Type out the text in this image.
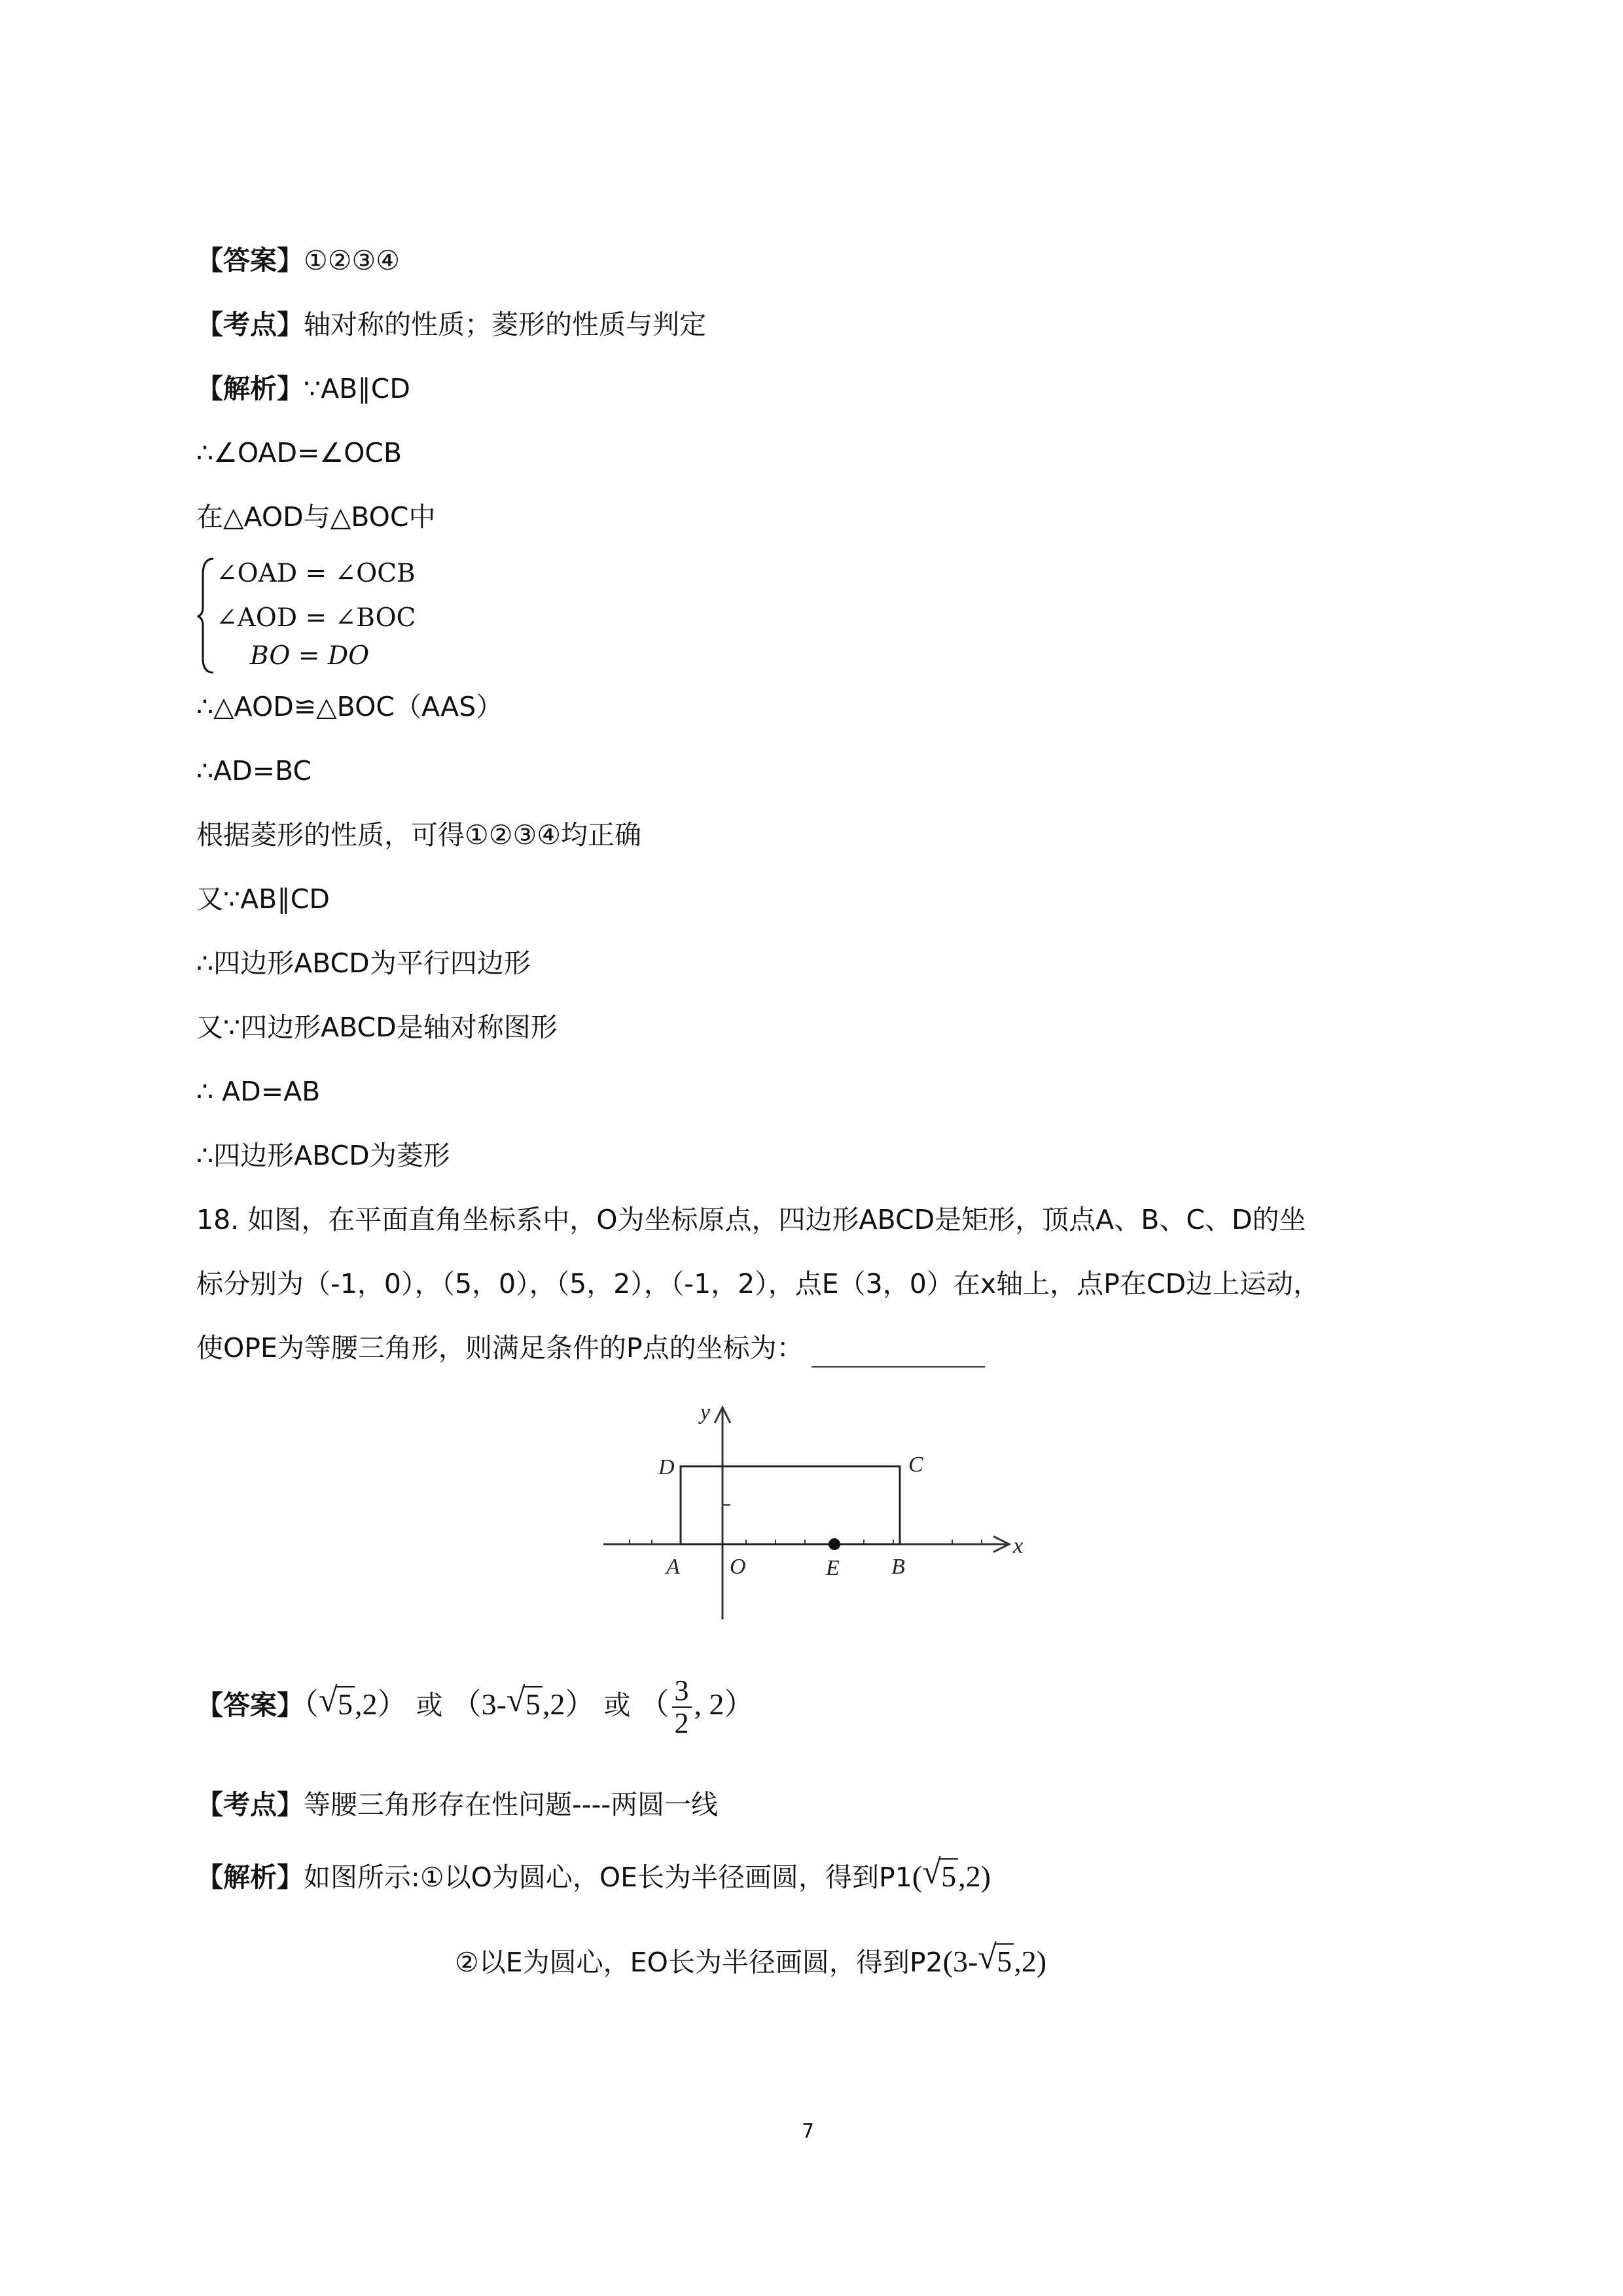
【答案】①②③④
【考点】轴对称的性质；菱形的性质与判定
【解析】∵AB∥CD
∴∠OAD=∠OCB
在△AOD与△BOC中
∠OAD = ∠OCB
∠AOD = ∠BOC
BO = DO
∴△AOD≌△BOC（AAS）
∴AD=BC
根据菱形的性质，可得①②③④均正确
又∵AB∥CD
∴四边形ABCD为平行四边形
又∵四边形ABCD是轴对称图形
∴ AD=AB
∴四边形ABCD为菱形
18. 如图，在平面直角坐标系中，O为坐标原点，四边形ABCD是矩形，顶点A、B、C、D的坐
标分别为（-1，0），（5，0），（5，2），（-1，2），点E（3，0）在x轴上，点P在CD边上运动，
使OPE为等腰三角形，则满足条件的P点的坐标为：
y
x
D	C
A O	E B
【答案】（ √ 5,2） 或 （3- √ 5,2） 或 （ $\frac{3}{2}$ , 2）
【考点】等腰三角形存在性问题----两圆一线
【解析】如图所示:①以O为圆心，OE长为半径画圆，得到P1( √ 5,2)
②以E为圆心，EO长为半径画圆，得到P2(3- √ 5,2)
7
